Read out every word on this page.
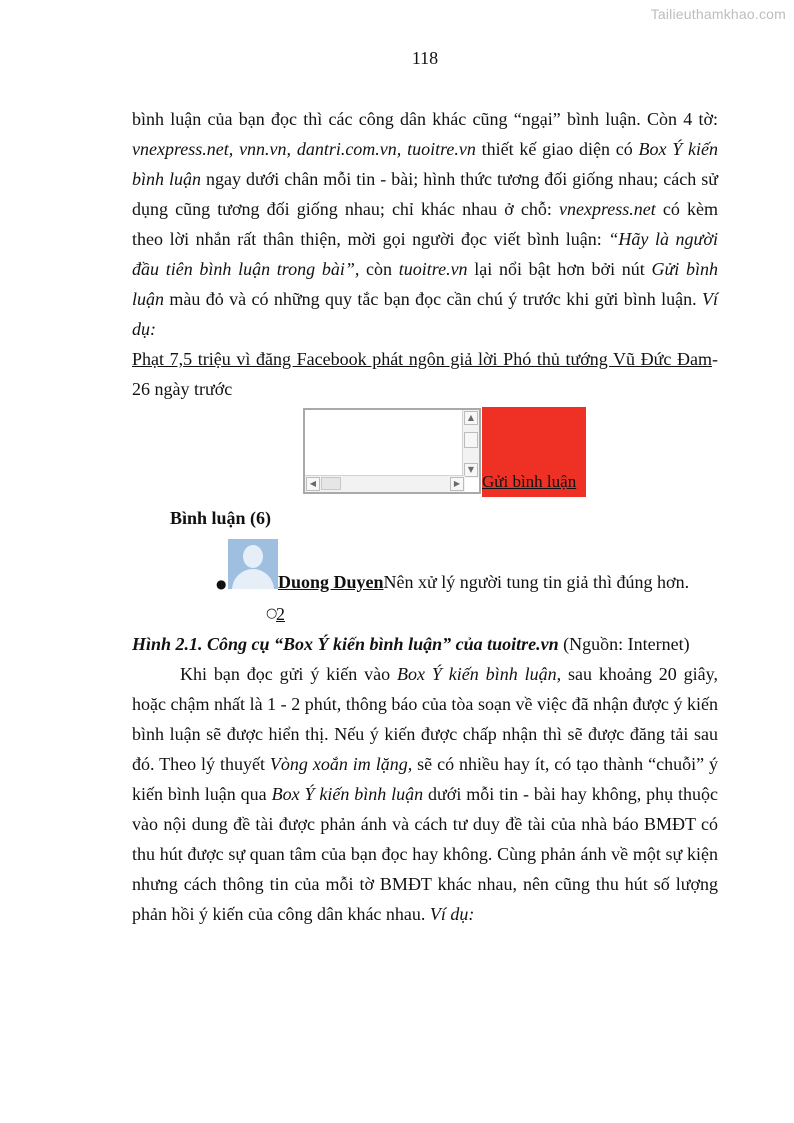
Tailieuthamkhao.com
118

bình luận của bạn đọc thì các công dân khác cũng “ngại” bình luận. Còn 4 tờ: vnexpress.net, vnn.vn, dantri.com.vn, tuoitre.vn thiết kế giao diện có Box Ý kiến bình luận ngay dưới chân mỗi tin - bài; hình thức tương đối giống nhau; cách sử dụng cũng tương đối giống nhau; chỉ khác nhau ở chỗ: vnexpress.net có kèm theo lời nhắn rất thân thiện, mời gọi người đọc viết bình luận: “Hãy là người đầu tiên bình luận trong bài”, còn tuoitre.vn lại nổi bật hơn bởi nút Gửi bình luận màu đỏ và có những quy tắc bạn đọc cần chú ý trước khi gửi bình luận. Ví dụ:

Phạt 7,5 triệu vì đăng Facebook phát ngôn giả lời Phó thủ tướng Vũ Đức Đam-26 ngày trước

▲
▼
◀	▶ Gửi bình luận
Bình luận (6)
●	Duong DuyenNên xử lý người tung tin giả thì đúng hơn.
○
2

Hình 2.1. Công cụ “Box Ý kiến bình luận” của tuoitre.vn (Nguồn: Internet)

Khi bạn đọc gửi ý kiến vào Box Ý kiến bình luận, sau khoảng 20 giây, hoặc chậm nhất là 1 - 2 phút, thông báo của tòa soạn về việc đã nhận được ý kiến bình luận sẽ được hiển thị. Nếu ý kiến được chấp nhận thì sẽ được đăng tải sau đó. Theo lý thuyết Vòng xoắn im lặng, sẽ có nhiều hay ít, có tạo thành “chuỗi” ý kiến bình luận qua Box Ý kiến bình luận dưới mỗi tin - bài hay không, phụ thuộc vào nội dung đề tài được phản ánh và cách tư duy đề tài của nhà báo BMĐT có thu hút được sự quan tâm của bạn đọc hay không. Cùng phản ánh về một sự kiện nhưng cách thông tin của mỗi tờ BMĐT khác nhau, nên cũng thu hút số lượng phản hồi ý kiến của công dân khác nhau. Ví dụ:
